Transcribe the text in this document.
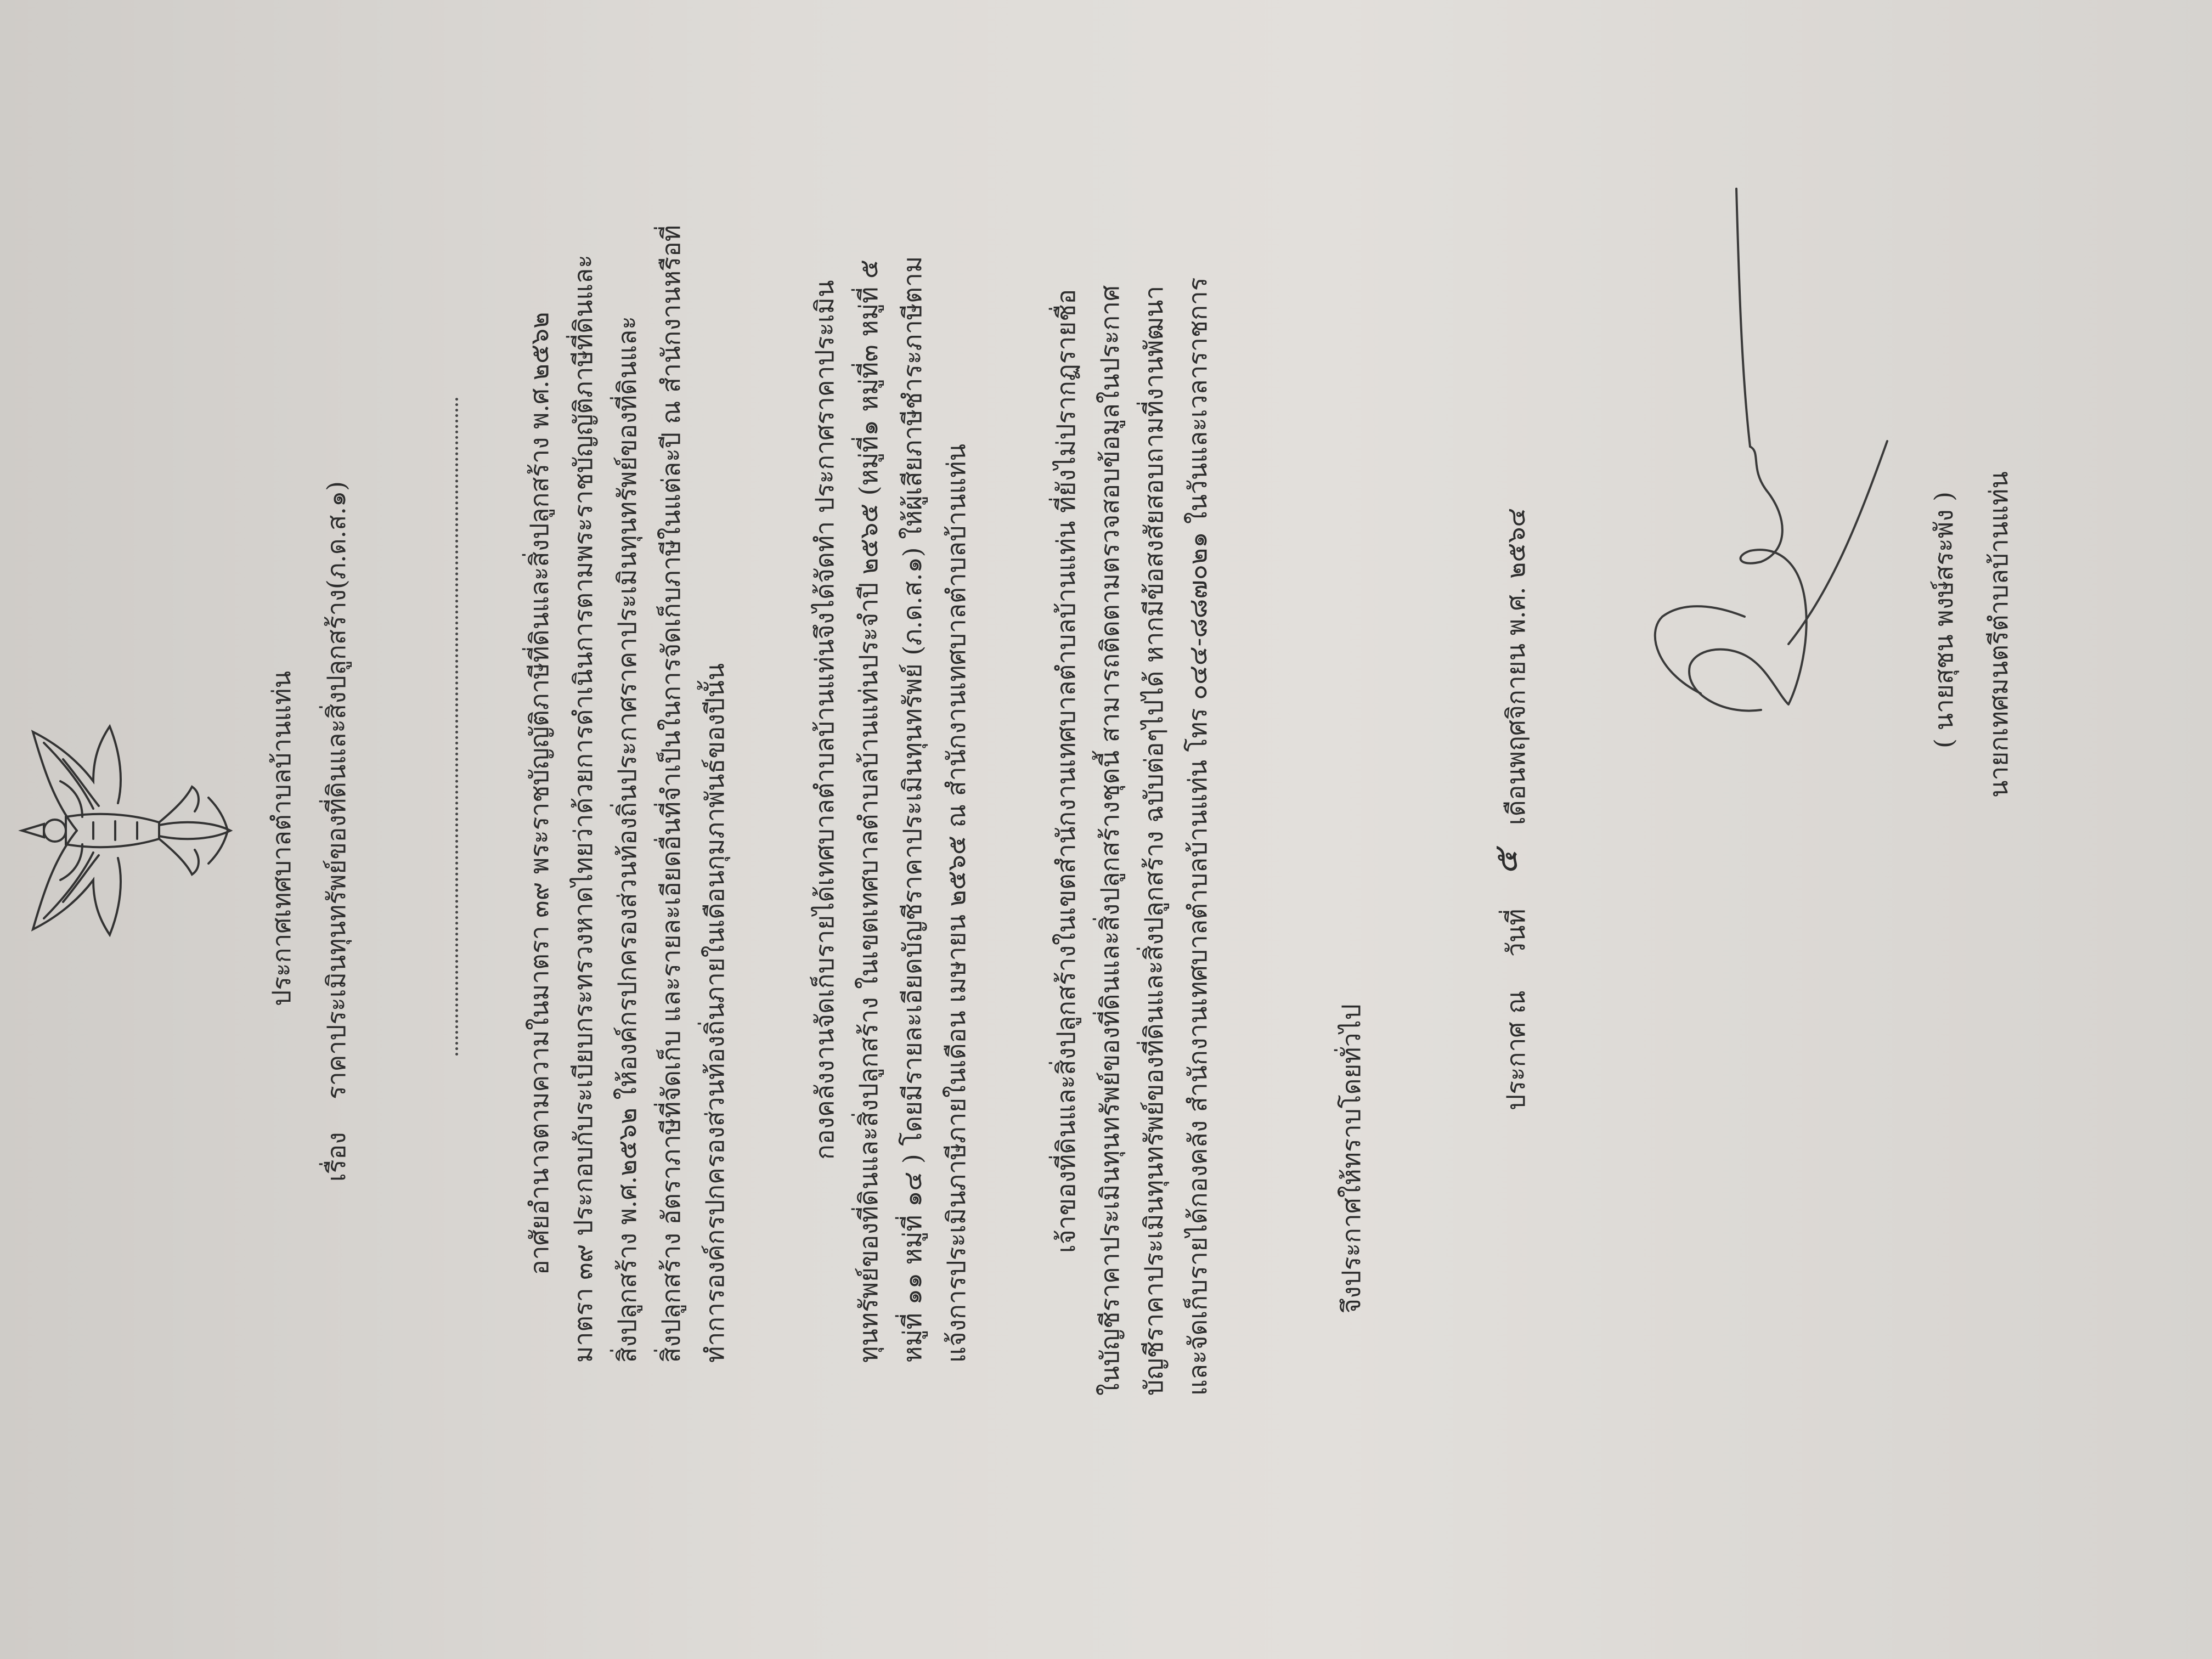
ประกาศเทศบาลตำบลบ้านแท่น
เรื่อง
ราคาประเมินทุนทรัพย์ของที่ดินและสิ่งปลูกสร้าง(ภ.ด.ส.๑)	อาศัยอำนาจตามความในมาตรา ๓๙ พระราชบัญญัติภาษีที่ดินและสิ่งปลูกสร้าง พ.ศ.๒๕๖๒ มาตรา ๓๙ ประกอบกับระเบียบกระทรวงหาดไทยว่าด้วยการดำเนินการตามพระราชบัญญัติภาษีที่ดินและ สิ่งปลูกสร้าง พ.ศ.๒๕๖๒ ให้องค์กรปกครองส่วนท้องถิ่นประกาศราคาประเมินทุนทรัพย์ของที่ดินและ สิ่งปลูกสร้าง อัตราภาษีที่จัดเก็บ และรายละเอียดอื่นที่จำเป็นในการจัดเก็บภาษีในแต่ละปี ณ สำนักงานหรือที่ ทำการองค์กรปกครองส่วนท้องถิ่นภายในเดือนกุมภาพันธ์ของปีนั้น	กองคลังงานจัดเก็บรายได้เทศบาลตำบลบ้านแท่นจึงได้จัดทำ ประกาศราคาประเมิน ทุนทรัพย์ของที่ดินและสิ่งปลูกสร้าง ในเขตเทศบาลตำบลบ้านแท่นประจำปี ๒๕๖๕ (หมู่ที่๑ หมู่ที่๓ หมู่ที่ ๕ หมู่ที่ ๑๑ หมู่ที่ ๑๔ ) โดยมีรายละเอียดบัญชีราคาประเมินทุนทรัพย์ (ภ.ด.ส.๑) ให้ผู้เสียภาษีชำระภาษีตาม แจ้งการประเมินภาษีภายในเดือน เมษายน ๒๕๖๕ ณ สำนักงานเทศบาลตำบลบ้านแท่น	เจ้าของที่ดินและสิ่งปลูกสร้างในเขตสำนักงานเทศบาลตำบลบ้านแท่น ที่ยังไม่ปรากฏรายชื่อ ในบัญชีราคาประเมินทุนทรัพย์ของที่ดินและสิ่งปลูกสร้างชุดนี้ สามารถติดตามตรวจสอบข้อมูลในประกาศ บัญชีราคาประเมินทุนทรัพย์ของที่ดินและสิ่งปลูกสร้าง ฉบับต่อๆไปได้ หากมีข้อสงสัยสอบถามที่งานพัฒนา และจัดเก็บรายได้กองคลัง สำนักงานเทศบาลตำบลบ้านแท่น โทร ๐๔๔-๘๘๗๐๒๑ ในวันและเวลาราชการ	จึงประกาศให้ทราบโดยทั่วไป	ประกาศ ณ
วันที่
๕
เดือนพฤศจิกายน พ.ศ. ๒๕๖๔	( นายสุชน พงษ์สระพัง ) นายกเทศมนตรีตำบลบ้านแท่น
